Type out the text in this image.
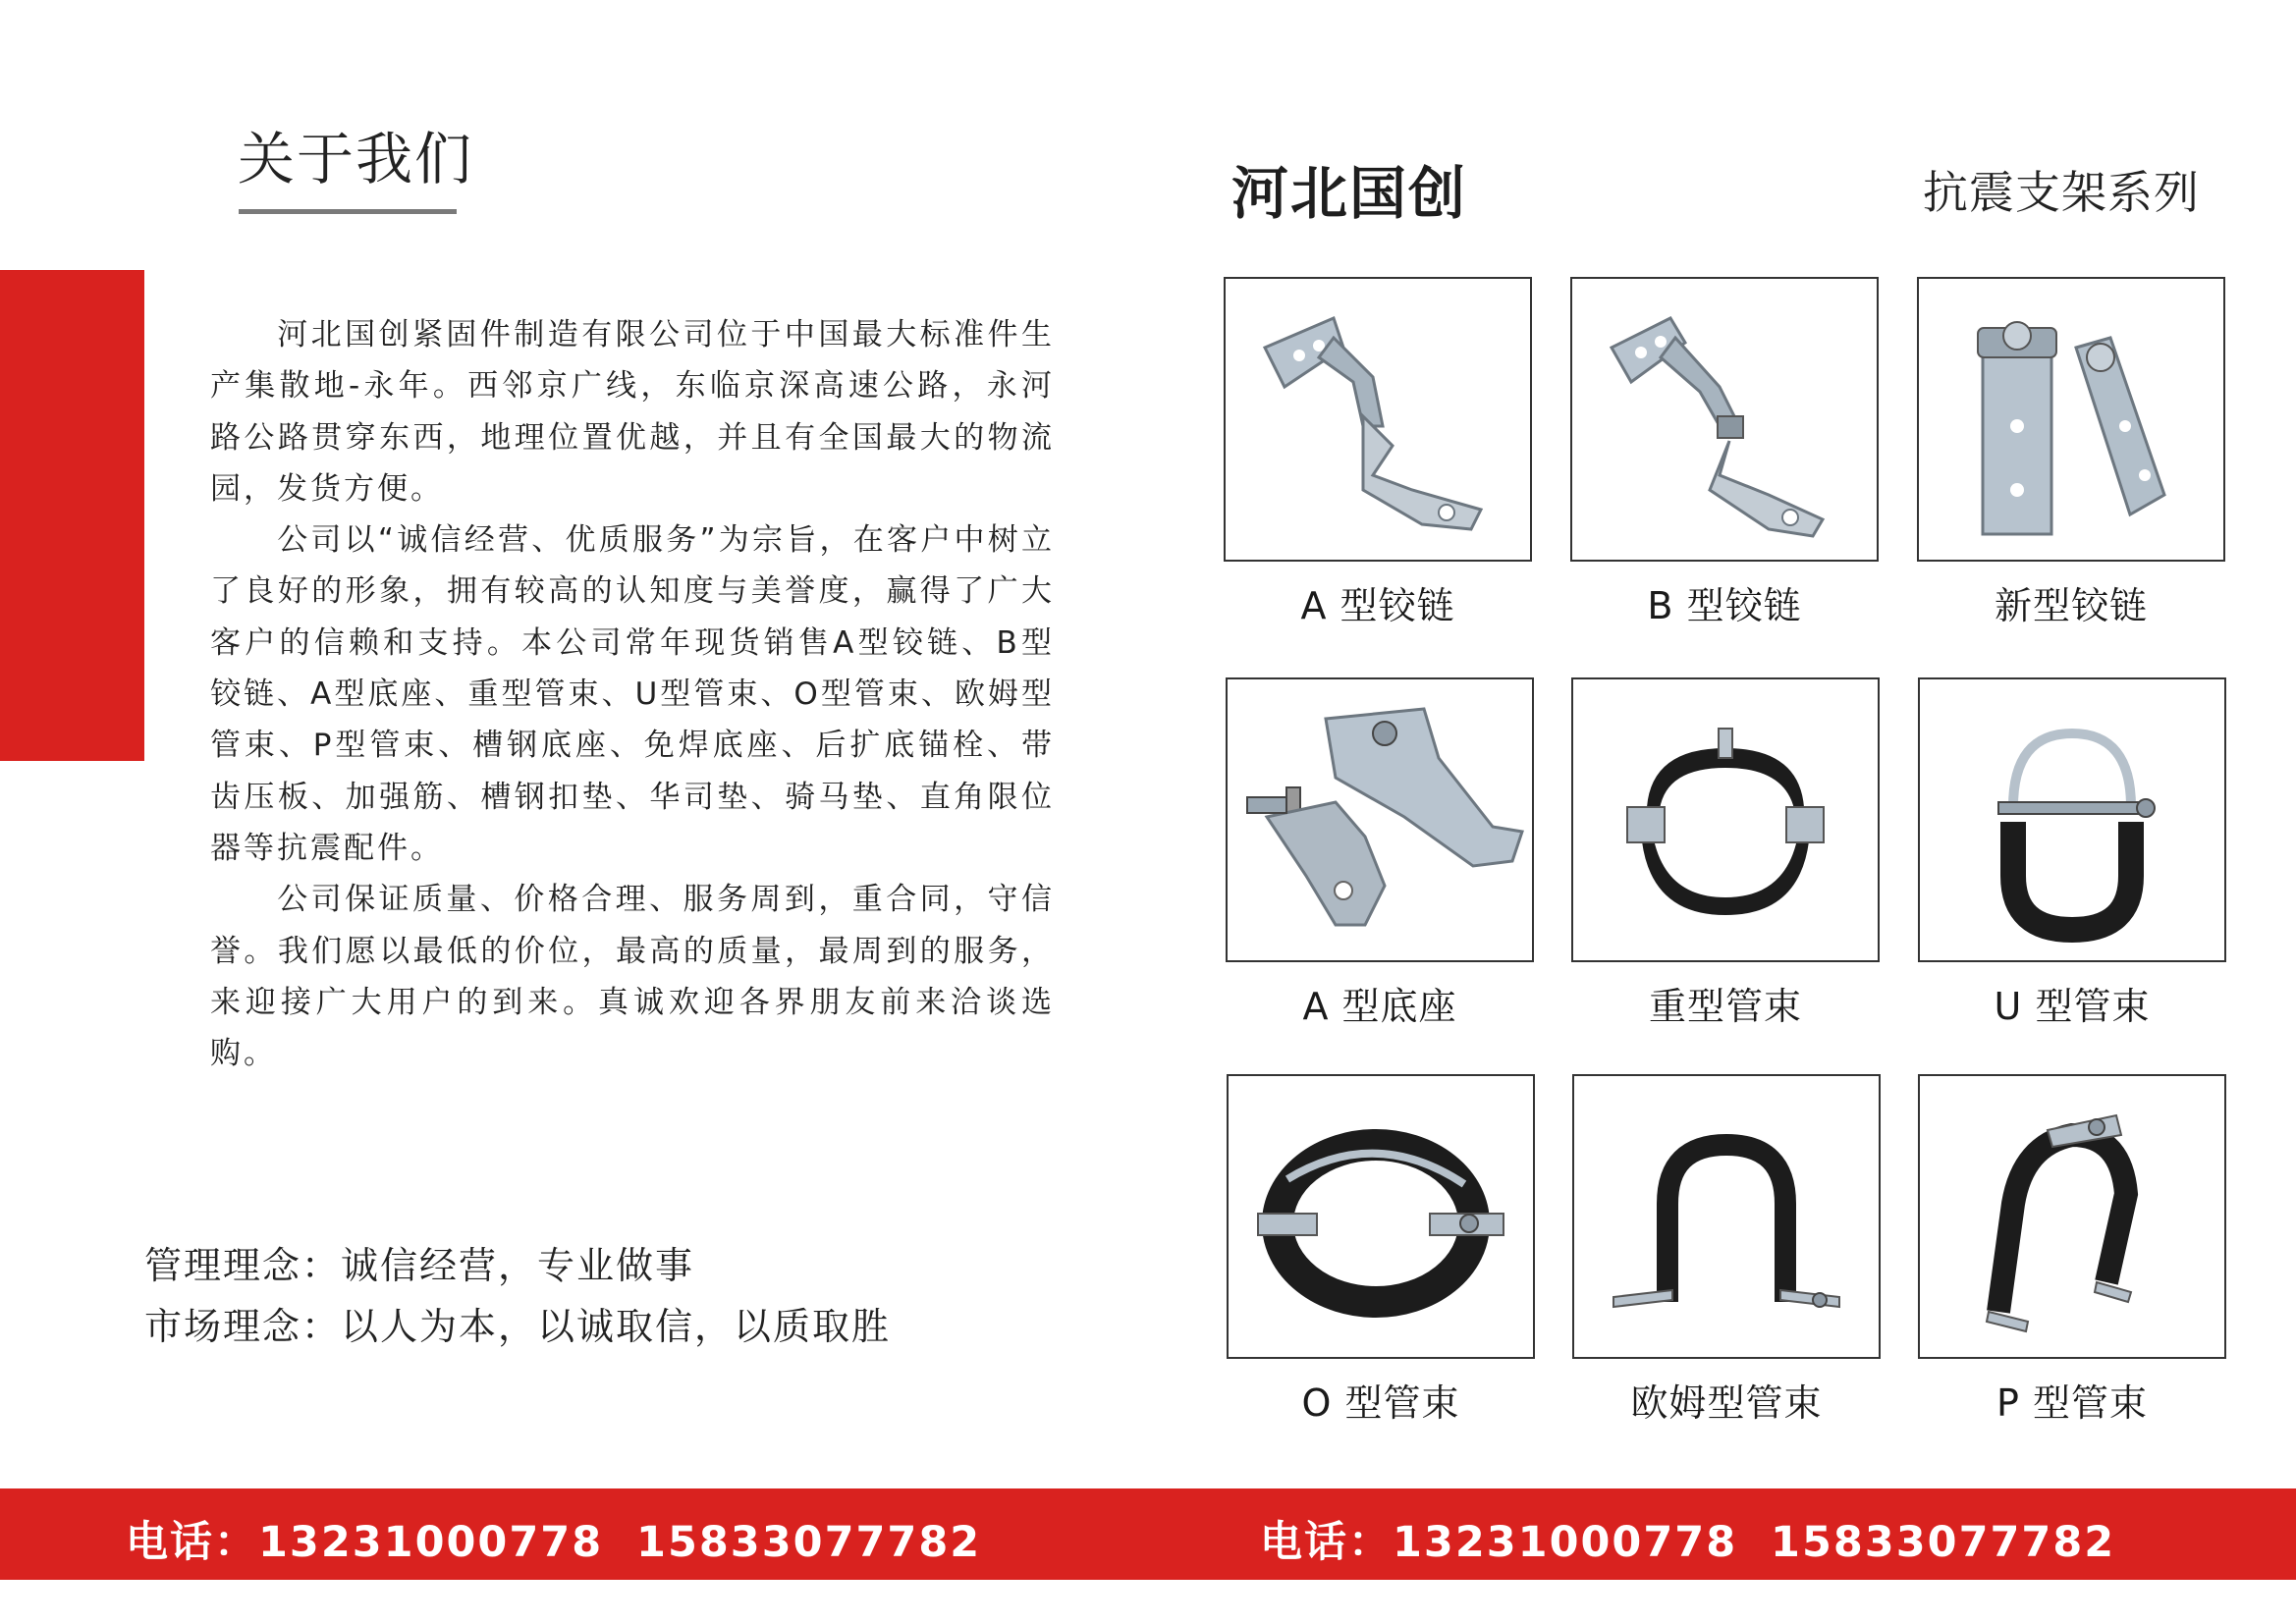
关于我们

河北国创紧固件制造有限公司位于中国最大标准件生产集散地-永年。西邻京广线，东临京深高速公路，永河路公路贯穿东西，地理位置优越，并且有全国最大的物流园，发货方便。

公司以“诚信经营、优质服务”为宗旨，在客户中树立了良好的形象，拥有较高的认知度与美誉度，赢得了广大客户的信赖和支持。本公司常年现货销售A型铰链、B型铰链、A型底座、重型管束、U型管束、O型管束、欧姆型管束、P型管束、槽钢底座、免焊底座、后扩底锚栓、带齿压板、加强筋、槽钢扣垫、华司垫、骑马垫、直角限位器等抗震配件。

公司保证质量、价格合理、服务周到，重合同，守信誉。我们愿以最低的价位，最高的质量，最周到的服务，来迎接广大用户的到来。真诚欢迎各界朋友前来洽谈选购。

管理理念：诚信经营，专业做事
市场理念：以人为本，以诚取信，以质取胜
河北国创	抗震支架系列
A 型铰链	B 型铰链	新型铰链
A 型底座	重型管束	U 型管束
O 型管束	欧姆型管束	P 型管束
电话：13231000778  15833077782	电话：13231000778  15833077782
